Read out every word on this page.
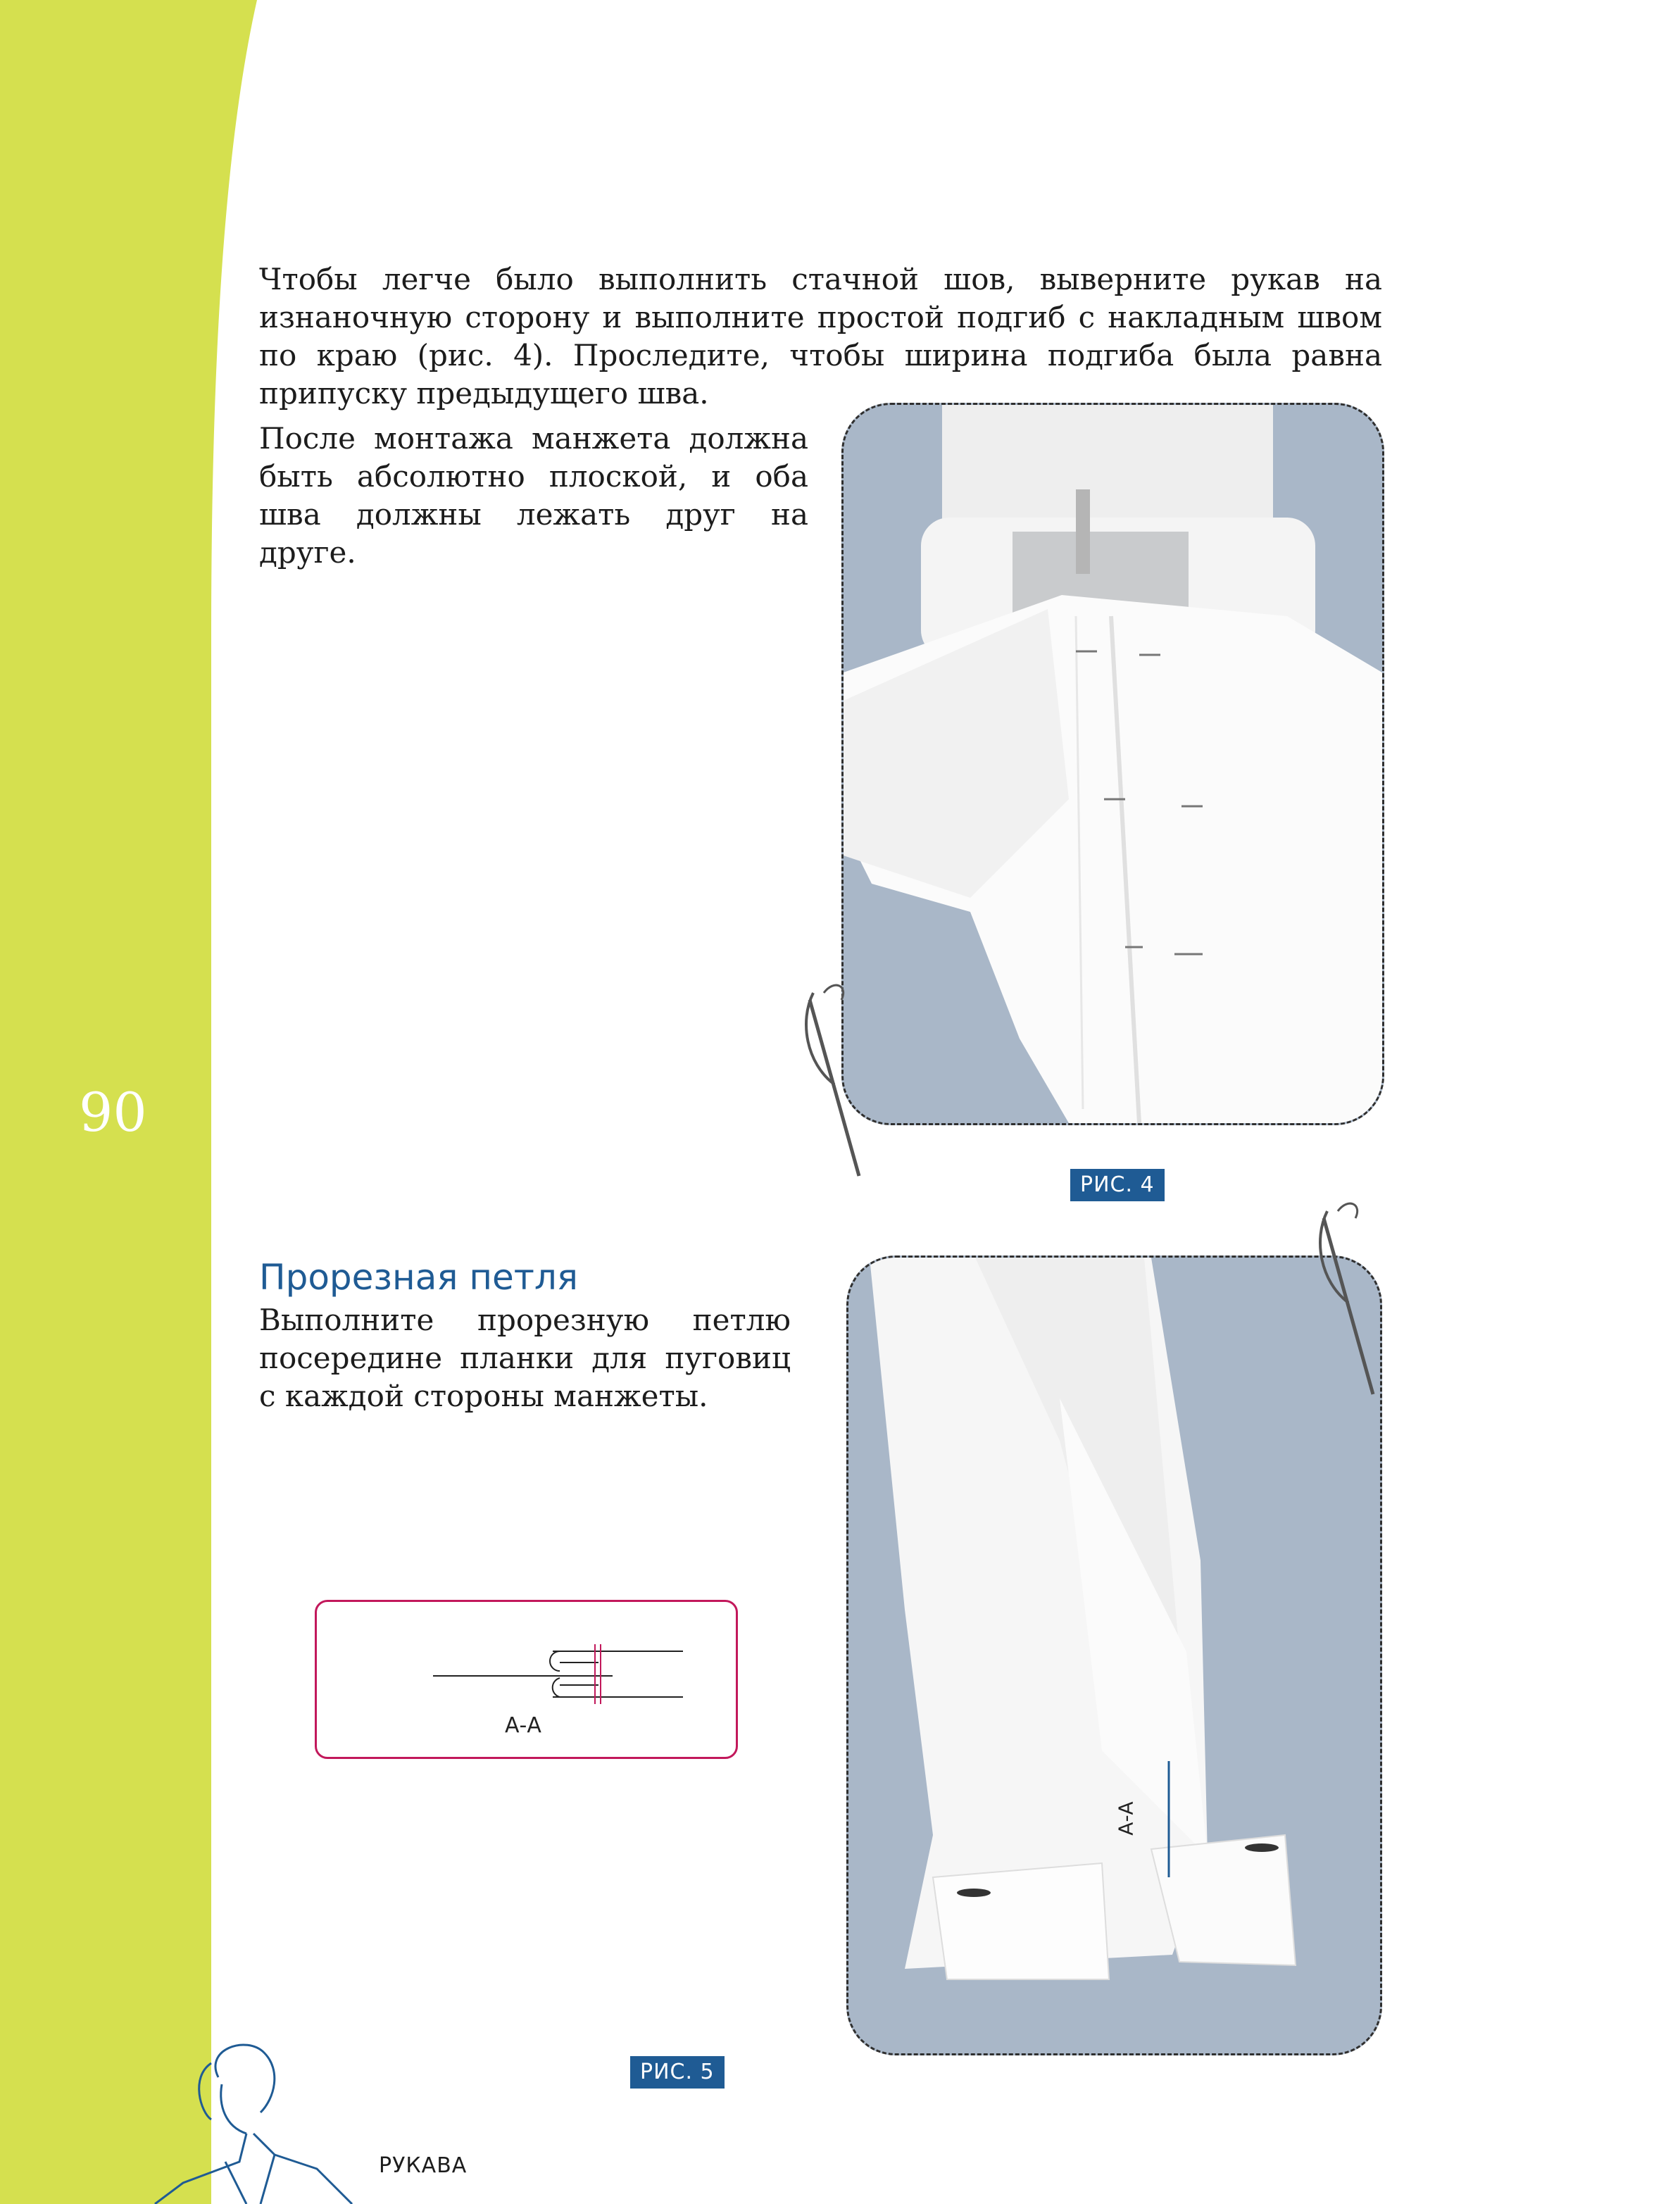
90
Чтобы легче было выполнить стачной шов, выверните рукав на изнаночную сторону и выполните простой подгиб с накладным швом по краю (рис. 4). Проследите, чтобы ширина подгиба была равна припуску предыдущего шва.
После монтажа манжета должна быть абсолютно плоской, и оба шва должны лежать друг на друге.
РИС. 4
Прорезная петля
Выполните прорезную петлю посередине планки для пуговиц с каждой стороны манжеты.
А-А
А-А
РИС. 5
РУКАВА
